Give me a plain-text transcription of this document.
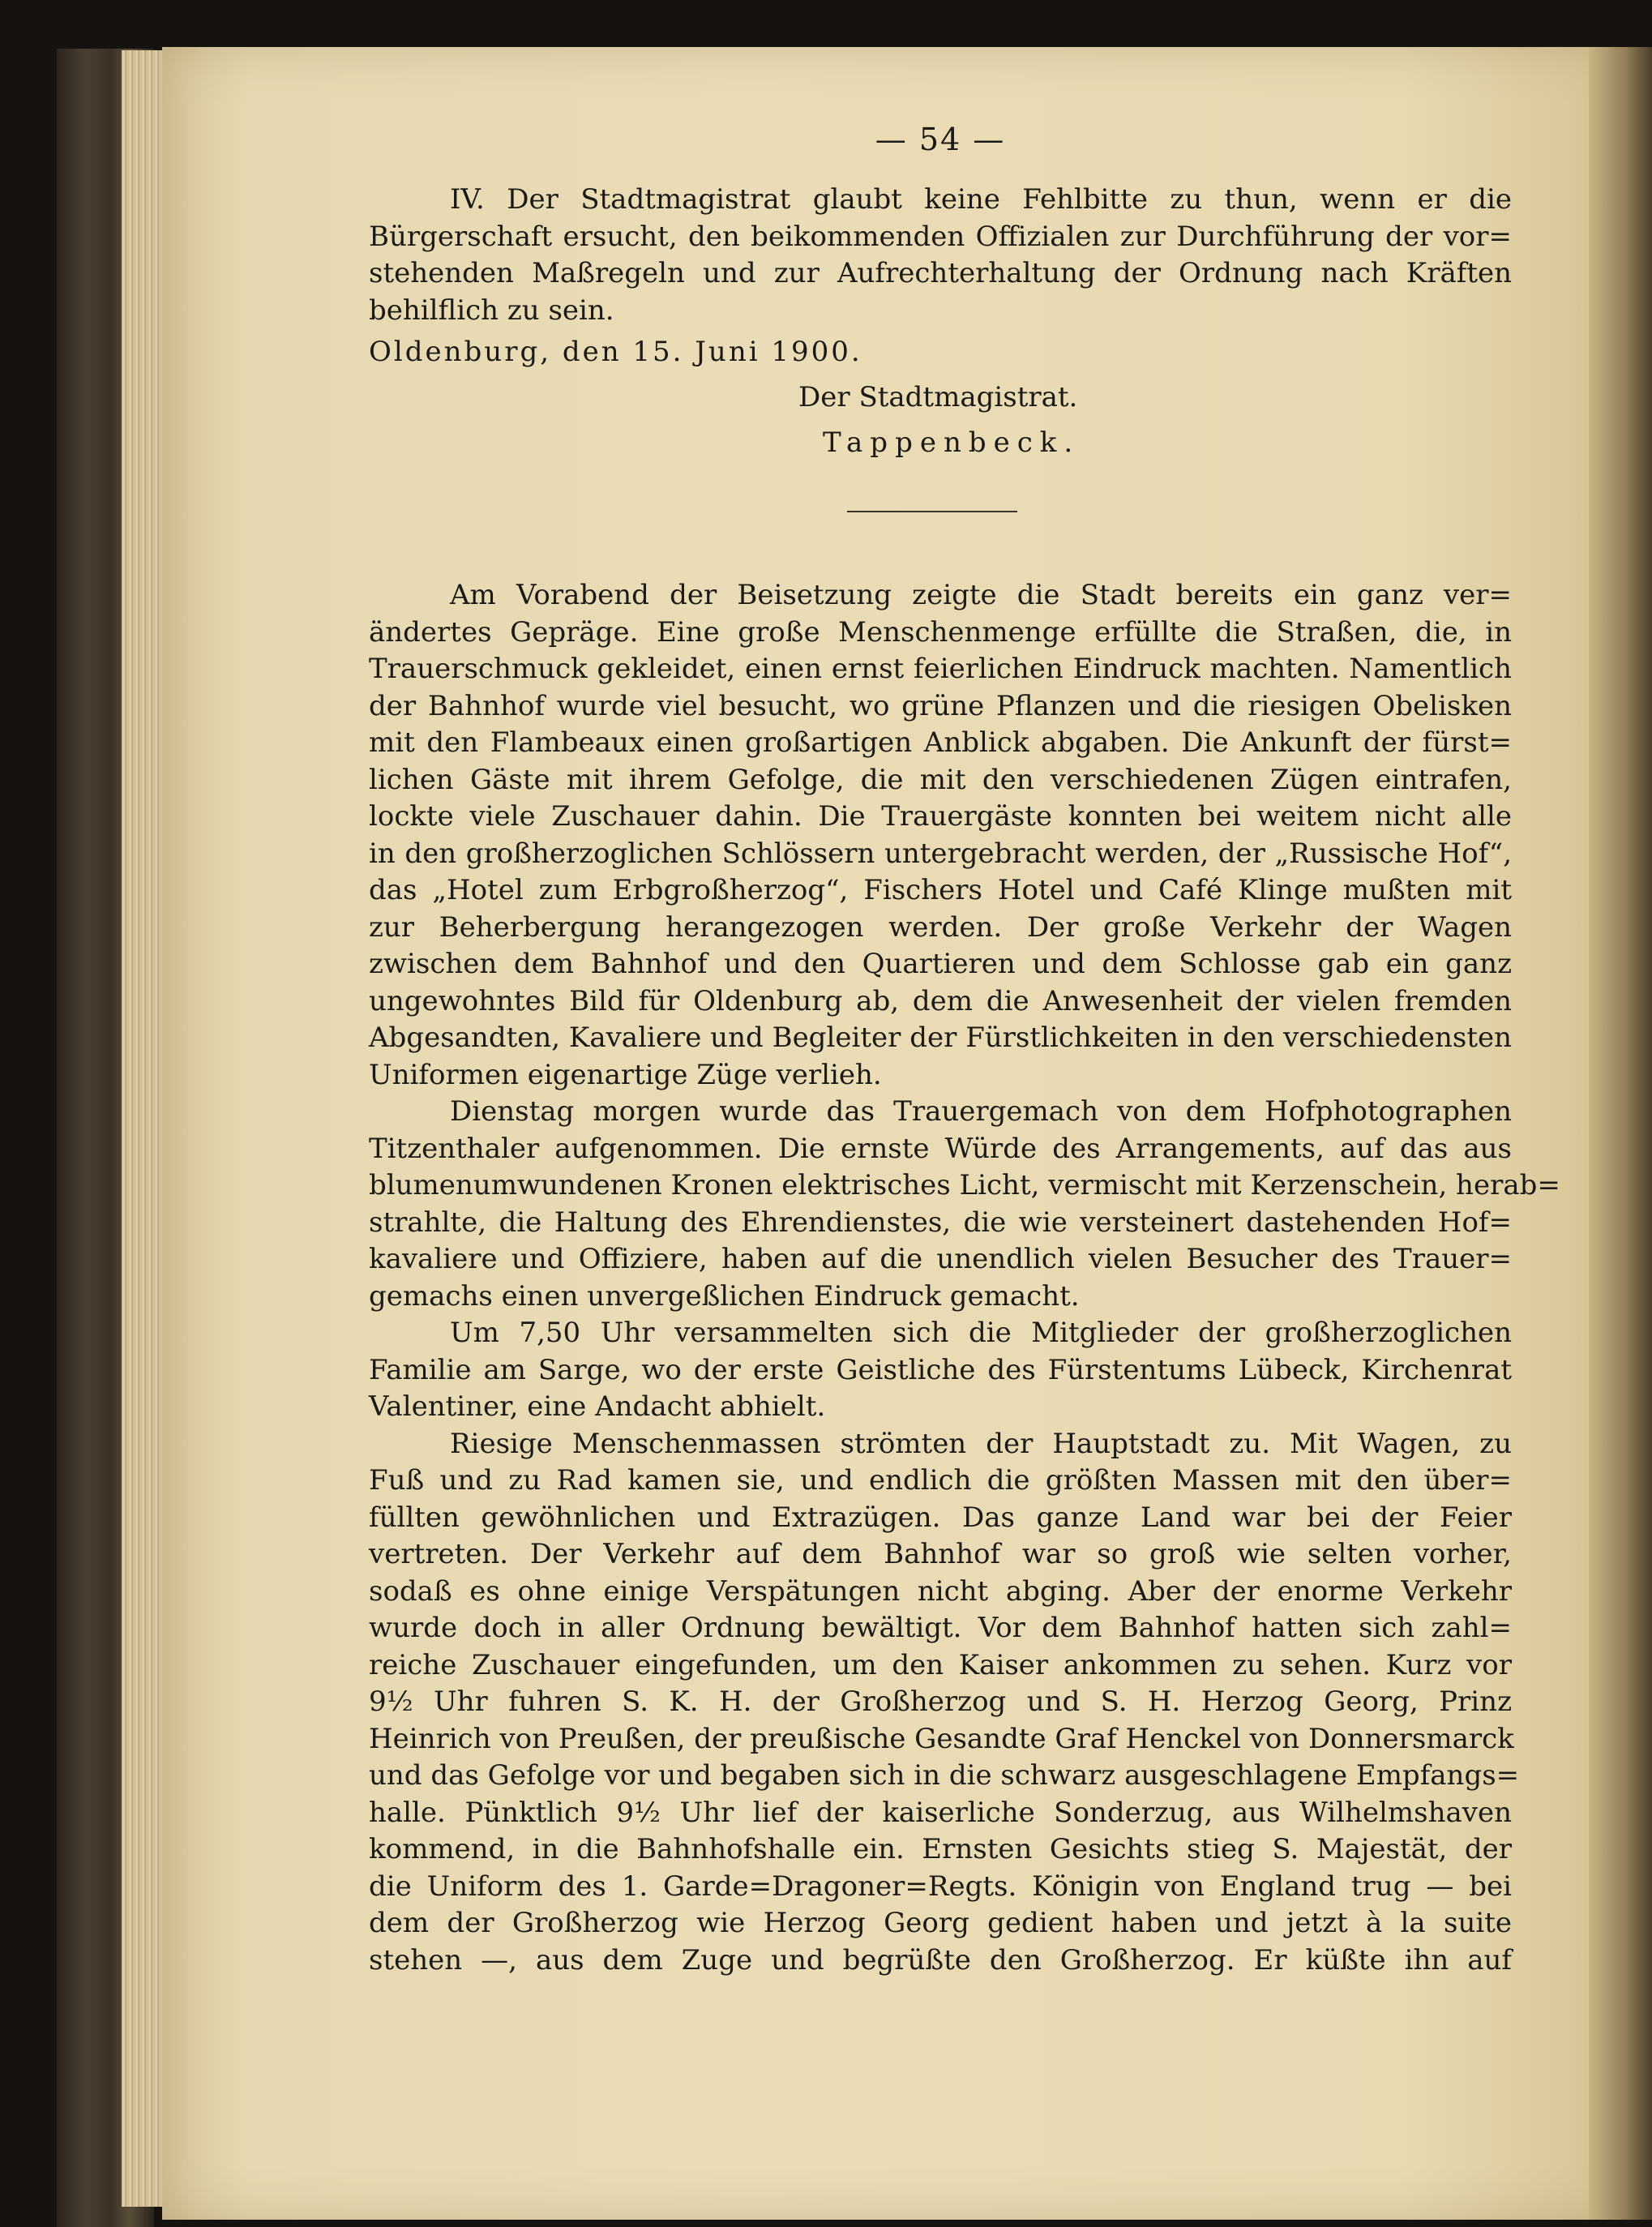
— 54 —
IV. Der Stadtmagistrat glaubt keine Fehlbitte zu thun, wenn er die
Bürgerschaft ersucht, den beikommenden Offizialen zur Durchführung der vor=
stehenden Maßregeln und zur Aufrechterhaltung der Ordnung nach Kräften
behilflich zu sein.
Oldenburg, den 15. Juni 1900.
Der Stadtmagistrat.
Tappenbeck.
Am Vorabend der Beisetzung zeigte die Stadt bereits ein ganz ver=
ändertes Gepräge. Eine große Menschenmenge erfüllte die Straßen, die, in
Trauerschmuck gekleidet, einen ernst feierlichen Eindruck machten. Namentlich
der Bahnhof wurde viel besucht, wo grüne Pflanzen und die riesigen Obelisken
mit den Flambeaux einen großartigen Anblick abgaben. Die Ankunft der fürst=
lichen Gäste mit ihrem Gefolge, die mit den verschiedenen Zügen eintrafen,
lockte viele Zuschauer dahin. Die Trauergäste konnten bei weitem nicht alle
in den großherzoglichen Schlössern untergebracht werden, der „Russische Hof“,
das „Hotel zum Erbgroßherzog“, Fischers Hotel und Café Klinge mußten mit
zur Beherbergung herangezogen werden. Der große Verkehr der Wagen
zwischen dem Bahnhof und den Quartieren und dem Schlosse gab ein ganz
ungewohntes Bild für Oldenburg ab, dem die Anwesenheit der vielen fremden
Abgesandten, Kavaliere und Begleiter der Fürstlichkeiten in den verschiedensten
Uniformen eigenartige Züge verlieh.
Dienstag morgen wurde das Trauergemach von dem Hofphotographen
Titzenthaler aufgenommen. Die ernste Würde des Arrangements, auf das aus
blumenumwundenen Kronen elektrisches Licht, vermischt mit Kerzenschein, herab=
strahlte, die Haltung des Ehrendienstes, die wie versteinert dastehenden Hof=
kavaliere und Offiziere, haben auf die unendlich vielen Besucher des Trauer=
gemachs einen unvergeßlichen Eindruck gemacht.
Um 7,50 Uhr versammelten sich die Mitglieder der großherzoglichen
Familie am Sarge, wo der erste Geistliche des Fürstentums Lübeck, Kirchenrat
Valentiner, eine Andacht abhielt.
Riesige Menschenmassen strömten der Hauptstadt zu. Mit Wagen, zu
Fuß und zu Rad kamen sie, und endlich die größten Massen mit den über=
füllten gewöhnlichen und Extrazügen. Das ganze Land war bei der Feier
vertreten. Der Verkehr auf dem Bahnhof war so groß wie selten vorher,
sodaß es ohne einige Verspätungen nicht abging. Aber der enorme Verkehr
wurde doch in aller Ordnung bewältigt. Vor dem Bahnhof hatten sich zahl=
reiche Zuschauer eingefunden, um den Kaiser ankommen zu sehen. Kurz vor
9½ Uhr fuhren S. K. H. der Großherzog und S. H. Herzog Georg, Prinz
Heinrich von Preußen, der preußische Gesandte Graf Henckel von Donnersmarck
und das Gefolge vor und begaben sich in die schwarz ausgeschlagene Empfangs=
halle. Pünktlich 9½ Uhr lief der kaiserliche Sonderzug, aus Wilhelmshaven
kommend, in die Bahnhofshalle ein. Ernsten Gesichts stieg S. Majestät, der
die Uniform des 1. Garde=Dragoner=Regts. Königin von England trug — bei
dem der Großherzog wie Herzog Georg gedient haben und jetzt à la suite
stehen —, aus dem Zuge und begrüßte den Großherzog. Er küßte ihn auf
